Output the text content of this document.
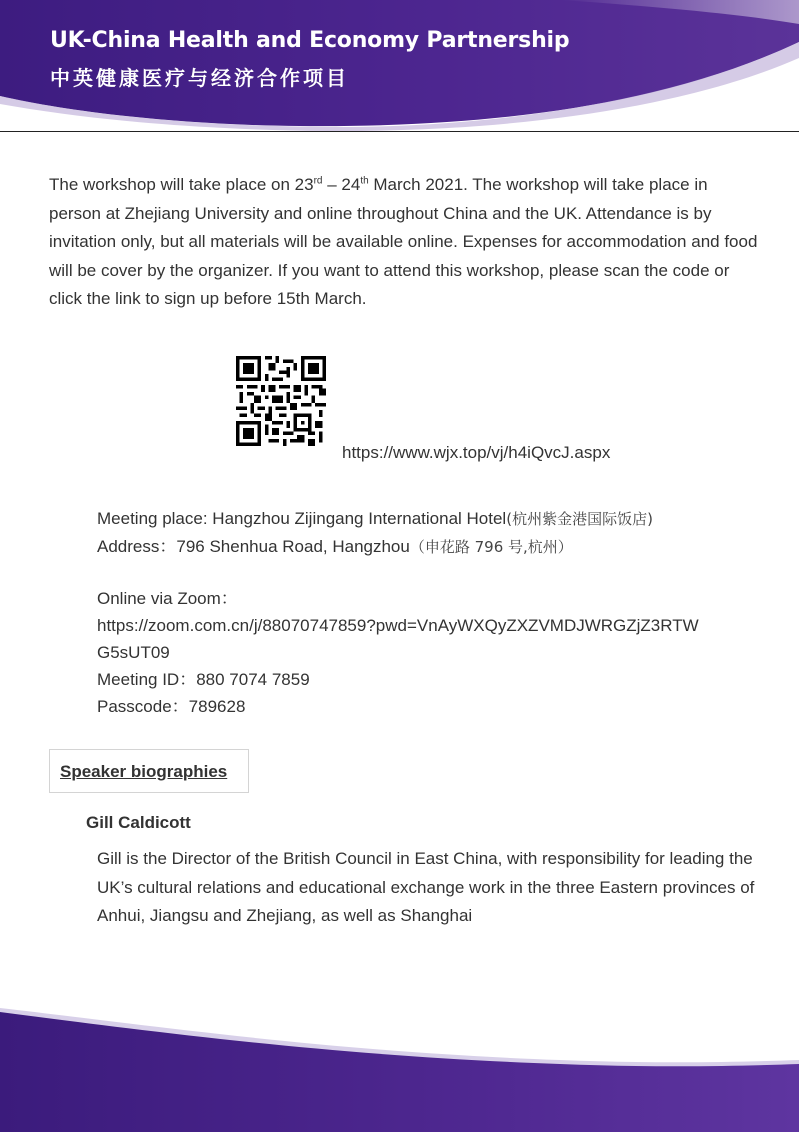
UK-China Health and Economy Partnership
中英健康医疗与经济合作项目

The workshop will take place on 23rd – 24th March 2021. The workshop will take place in person at Zhejiang University and online throughout China and the UK. Attendance is by invitation only, but all materials will be available online. Expenses for accommodation and food will be cover by the organizer. If you want to attend this workshop, please scan the code or click the link to sign up before 15th March.

https://www.wjx.top/vj/h4iQvcJ.aspx
Meeting place: Hangzhou Zijingang International Hotel(杭州紫金港国际饭店)
Address：796 Shenhua Road, Hangzhou（申花路 796 号,杭州）
Online via Zoom：
https://zoom.com.cn/j/88070747859?pwd=VnAyWXQyZXZVMDJWRGZjZ3RTW
G5sUT09
Meeting ID：880 7074 7859
Passcode：789628
Speaker biographies
Gill Caldicott

Gill is the Director of the British Council in East China, with responsibility for leading the UK’s cultural relations and educational exchange work in the three Eastern provinces of Anhui, Jiangsu and Zhejiang, as well as Shanghai
